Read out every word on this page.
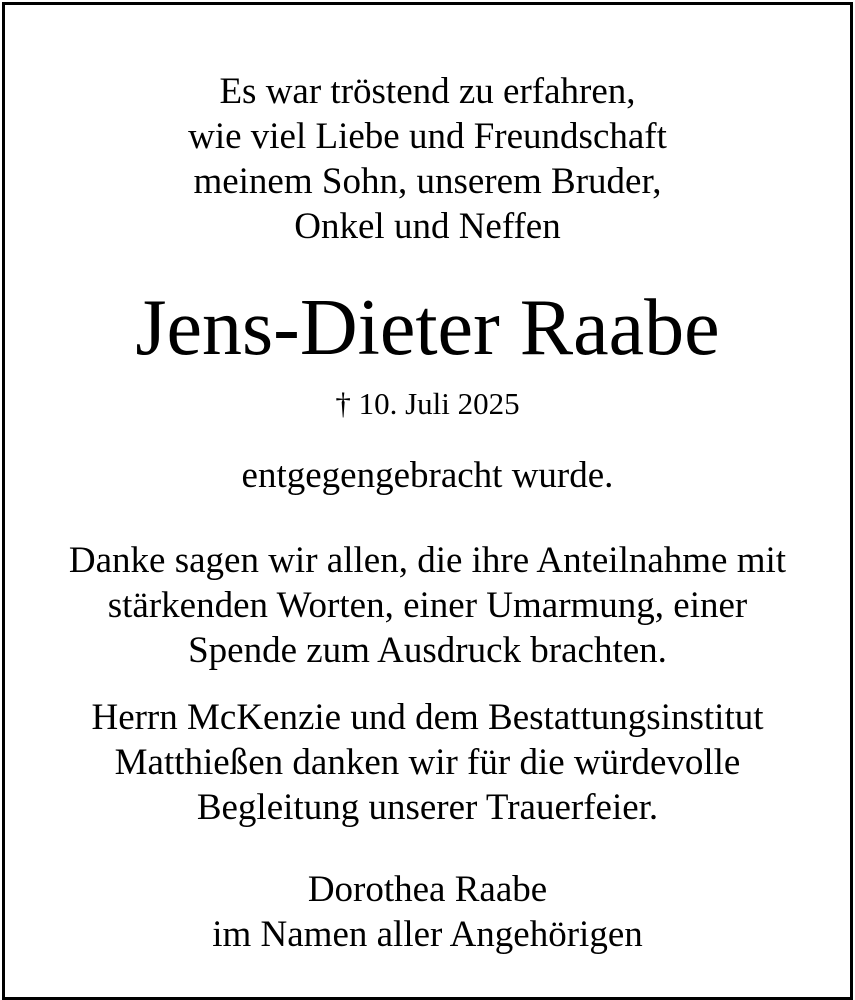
Es war tröstend zu erfahren,
wie viel Liebe und Freundschaft
meinem Sohn, unserem Bruder,
Onkel und Neffen
Jens-Dieter Raabe
† 10. Juli 2025
entgegengebracht wurde.
Danke sagen wir allen, die ihre Anteilnahme mit
stärkenden Worten, einer Umarmung, einer
Spende zum Ausdruck brachten.
Herrn McKenzie und dem Bestattungsinstitut
Matthießen danken wir für die würdevolle
Begleitung unserer Trauerfeier.
Dorothea Raabe
im Namen aller Angehörigen
